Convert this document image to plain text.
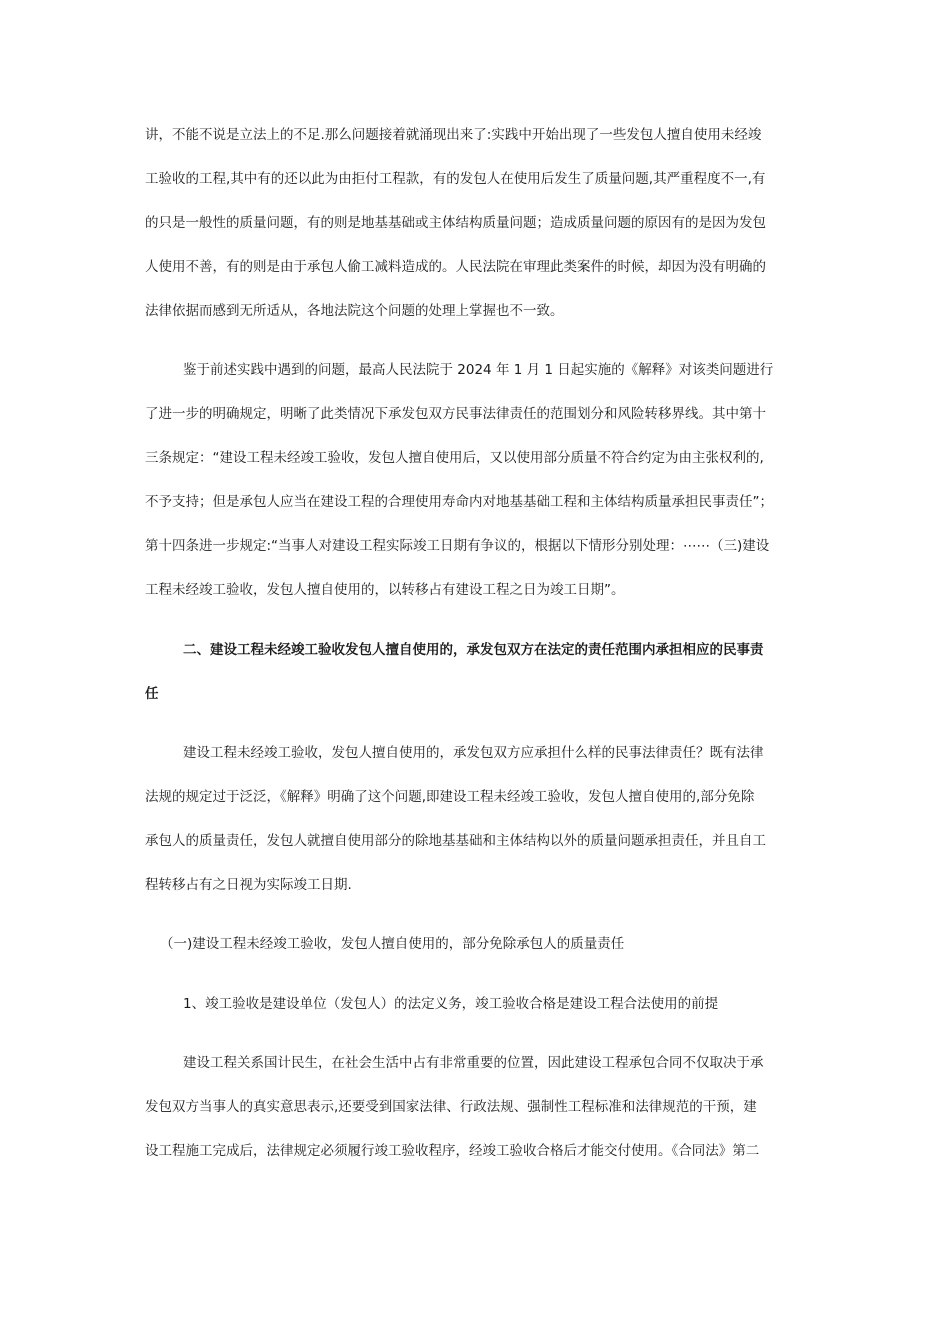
讲，不能不说是立法上的不足.那么问题接着就涌现出来了:实践中开始出现了一些发包人擅自使用未经竣
工验收的工程,其中有的还以此为由拒付工程款，有的发包人在使用后发生了质量问题,其严重程度不一,有
的只是一般性的质量问题，有的则是地基基础或主体结构质量问题；造成质量问题的原因有的是因为发包
人使用不善，有的则是由于承包人偷工减料造成的。人民法院在审理此类案件的时候，却因为没有明确的
法律依据而感到无所适从，各地法院这个问题的处理上掌握也不一致。
鉴于前述实践中遇到的问题，最高人民法院于 2024 年 1 月 1 日起实施的《解释》对该类问题进行
了进一步的明确规定，明晰了此类情况下承发包双方民事法律责任的范围划分和风险转移界线。其中第十
三条规定：“建设工程未经竣工验收，发包人擅自使用后，又以使用部分质量不符合约定为由主张权利的,
不予支持；但是承包人应当在建设工程的合理使用寿命内对地基基础工程和主体结构质量承担民事责任”；
第十四条进一步规定:“当事人对建设工程实际竣工日期有争议的，根据以下情形分别处理：⋯⋯（三)建设
工程未经竣工验收，发包人擅自使用的，以转移占有建设工程之日为竣工日期”。
二、建设工程未经竣工验收发包人擅自使用的，承发包双方在法定的责任范围内承担相应的民事责
任
建设工程未经竣工验收，发包人擅自使用的，承发包双方应承担什么样的民事法律责任？既有法律
法规的规定过于泛泛，《解释》明确了这个问题,即建设工程未经竣工验收，发包人擅自使用的,部分免除
承包人的质量责任，发包人就擅自使用部分的除地基基础和主体结构以外的质量问题承担责任，并且自工
程转移占有之日视为实际竣工日期.
（一)建设工程未经竣工验收，发包人擅自使用的，部分免除承包人的质量责任
1、竣工验收是建设单位（发包人）的法定义务，竣工验收合格是建设工程合法使用的前提
建设工程关系国计民生，在社会生活中占有非常重要的位置，因此建设工程承包合同不仅取决于承
发包双方当事人的真实意思表示,还要受到国家法律、行政法规、强制性工程标准和法律规范的干预，建
设工程施工完成后，法律规定必须履行竣工验收程序，经竣工验收合格后才能交付使用。《合同法》第二
